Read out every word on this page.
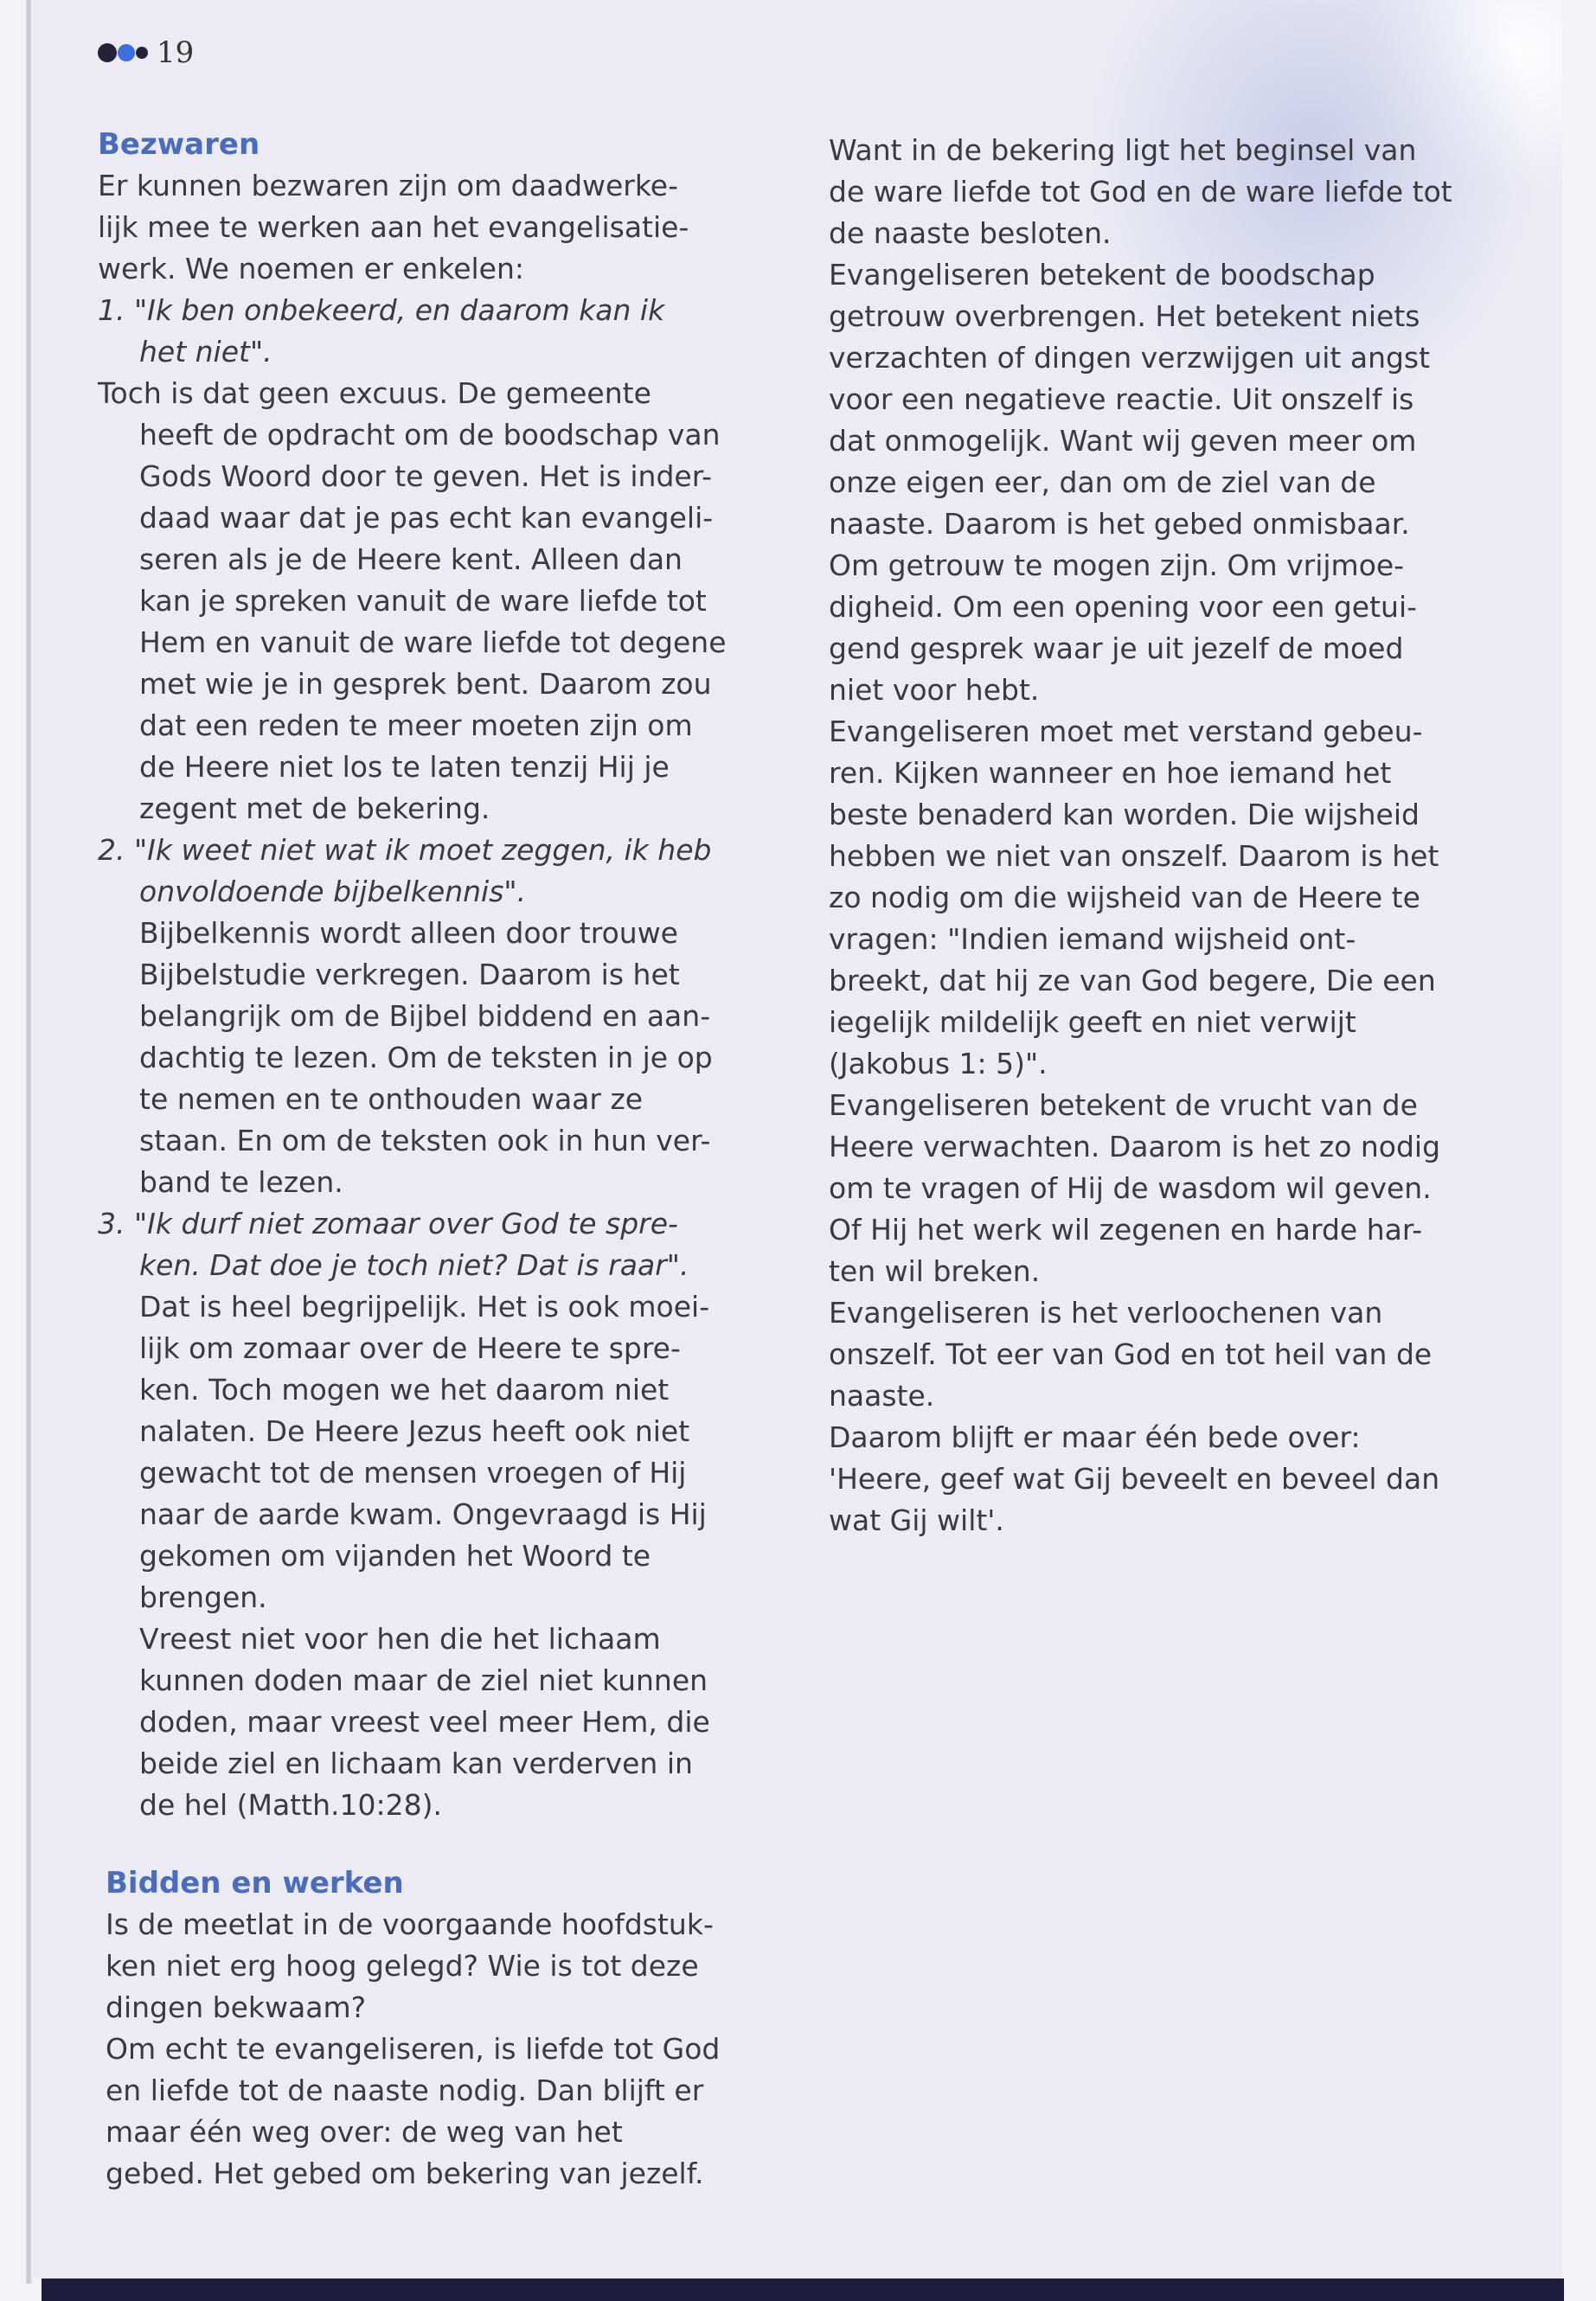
19
Bezwaren
Er kunnen bezwaren zijn om daadwerke-
lijk mee te werken aan het evangelisatie-
werk. We noemen er enkelen:
1. "Ik ben onbekeerd, en daarom kan ik
het niet".
Toch is dat geen excuus. De gemeente
heeft de opdracht om de boodschap van
Gods Woord door te geven. Het is inder-
daad waar dat je pas echt kan evangeli-
seren als je de Heere kent. Alleen dan
kan je spreken vanuit de ware liefde tot
Hem en vanuit de ware liefde tot degene
met wie je in gesprek bent. Daarom zou
dat een reden te meer moeten zijn om
de Heere niet los te laten tenzij Hij je
zegent met de bekering.
2. "Ik weet niet wat ik moet zeggen, ik heb
onvoldoende bijbelkennis".
Bijbelkennis wordt alleen door trouwe
Bijbelstudie verkregen. Daarom is het
belangrijk om de Bijbel biddend en aan-
dachtig te lezen. Om de teksten in je op
te nemen en te onthouden waar ze
staan. En om de teksten ook in hun ver-
band te lezen.
3. "Ik durf niet zomaar over God te spre-
ken. Dat doe je toch niet? Dat is raar".
Dat is heel begrijpelijk. Het is ook moei-
lijk om zomaar over de Heere te spre-
ken. Toch mogen we het daarom niet
nalaten. De Heere Jezus heeft ook niet
gewacht tot de mensen vroegen of Hij
naar de aarde kwam. Ongevraagd is Hij
gekomen om vijanden het Woord te
brengen.
Vreest niet voor hen die het lichaam
kunnen doden maar de ziel niet kunnen
doden, maar vreest veel meer Hem, die
beide ziel en lichaam kan verderven in
de hel (Matth.10:28).
Bidden en werken
Is de meetlat in de voorgaande hoofdstuk-
ken niet erg hoog gelegd? Wie is tot deze
dingen bekwaam?
Om echt te evangeliseren, is liefde tot God
en liefde tot de naaste nodig. Dan blijft er
maar één weg over: de weg van het
gebed. Het gebed om bekering van jezelf.
Want in de bekering ligt het beginsel van
de ware liefde tot God en de ware liefde tot
de naaste besloten.
Evangeliseren betekent de boodschap
getrouw overbrengen. Het betekent niets
verzachten of dingen verzwijgen uit angst
voor een negatieve reactie. Uit onszelf is
dat onmogelijk. Want wij geven meer om
onze eigen eer, dan om de ziel van de
naaste. Daarom is het gebed onmisbaar.
Om getrouw te mogen zijn. Om vrijmoe-
digheid. Om een opening voor een getui-
gend gesprek waar je uit jezelf de moed
niet voor hebt.
Evangeliseren moet met verstand gebeu-
ren. Kijken wanneer en hoe iemand het
beste benaderd kan worden. Die wijsheid
hebben we niet van onszelf. Daarom is het
zo nodig om die wijsheid van de Heere te
vragen: "Indien iemand wijsheid ont-
breekt, dat hij ze van God begere, Die een
iegelijk mildelijk geeft en niet verwijt
(Jakobus 1: 5)".
Evangeliseren betekent de vrucht van de
Heere verwachten. Daarom is het zo nodig
om te vragen of Hij de wasdom wil geven.
Of Hij het werk wil zegenen en harde har-
ten wil breken.
Evangeliseren is het verloochenen van
onszelf. Tot eer van God en tot heil van de
naaste.
Daarom blijft er maar één bede over:
'Heere, geef wat Gij beveelt en beveel dan
wat Gij wilt'.
